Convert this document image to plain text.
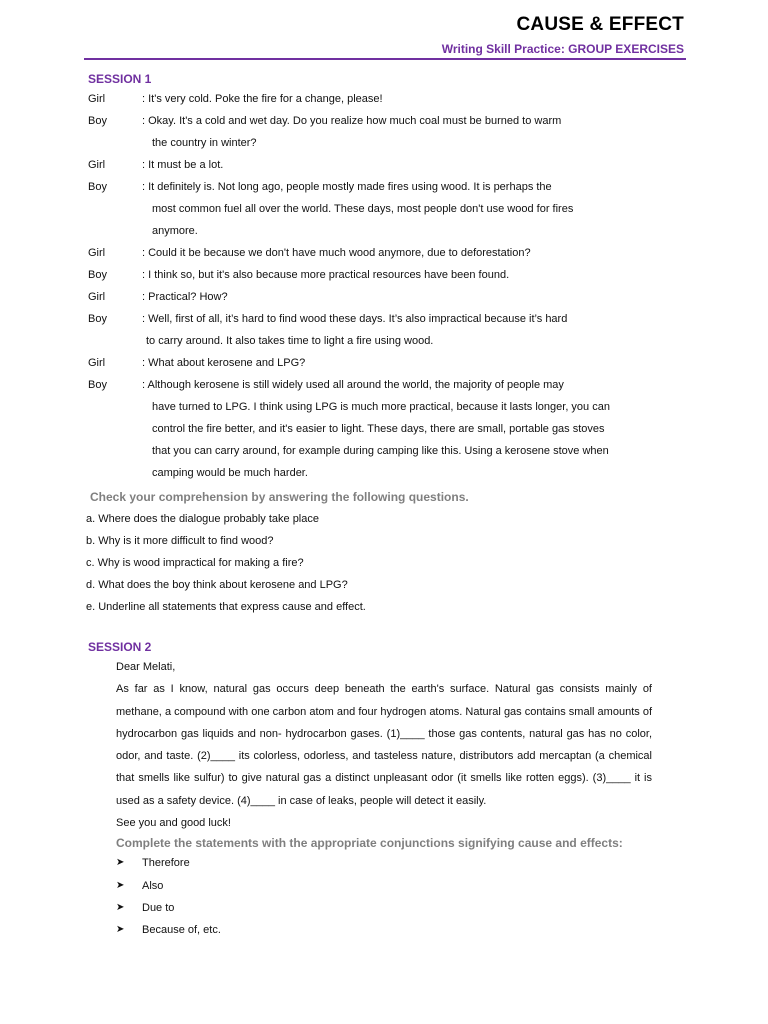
CAUSE & EFFECT
Writing Skill Practice: GROUP EXERCISES
SESSION 1
Girl	: It's very cold. Poke the fire for a change, please!
Boy	: Okay. It's a cold and wet day. Do you realize how much coal must be burned to warm
the country in winter?
Girl	: It must be a lot.
Boy	: It definitely is. Not long ago, people mostly made fires using wood. It is perhaps the
most common fuel all over the world. These days, most people don't use wood for fires
anymore.
Girl	: Could it be because we don't have much wood anymore, due to deforestation?
Boy	: I think so, but it's also because more practical resources have been found.
Girl	: Practical? How?
Boy	: Well, first of all, it’s hard to find wood these days. It’s also impractical because it’s hard
to carry around. It also takes time to light a fire using wood.
Girl	: What about kerosene and LPG?
Boy	: Although kerosene is still widely used all around the world, the majority of people may
have turned to LPG. I think using LPG is much more practical, because it lasts longer, you can
control the fire better, and it's easier to light. These days, there are small, portable gas stoves
that you can carry around, for example during camping like this. Using a kerosene stove when
camping would be much harder.
Check your comprehension by answering the following questions.
a. Where does the dialogue probably take place
b. Why is it more difficult to find wood?
c. Why is wood impractical for making a fire?
d. What does the boy think about kerosene and LPG?
e. Underline all statements that express cause and effect.
SESSION 2
Dear Melati,
As far as I know, natural gas occurs deep beneath the earth's surface. Natural gas consists mainly of methane, a compound with one carbon atom and four hydrogen atoms. Natural gas contains small amounts of hydrocarbon gas liquids and non- hydrocarbon gases. (1)____ those gas contents, natural gas has no color, odor, and taste. (2)____ its colorless, odorless, and tasteless nature, distributors add mercaptan (a chemical that smells like sulfur) to give natural gas a distinct unpleasant odor (it smells like rotten eggs). (3)____ it is used as a safety device. (4)____ in case of leaks, people will detect it easily.
See you and good luck!
Complete the statements with the appropriate conjunctions signifying cause and effects:
➤	Therefore
➤	Also
➤	Due to
➤	Because of, etc.
